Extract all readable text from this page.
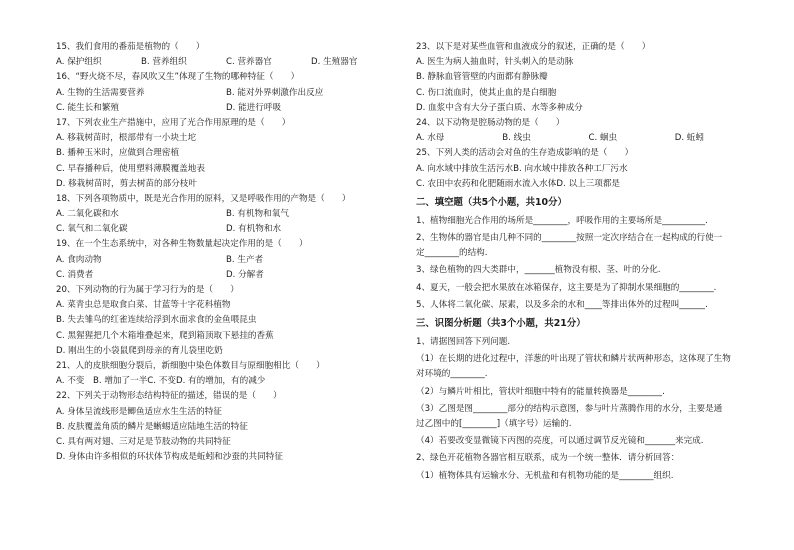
15、我们食用的番茄是植物的（　　）
A. 保护组织	B. 营养组织	C. 营养器官	D. 生殖器官
16、“野火烧不尽，春风吹又生”体现了生物的哪种特征（　　）
A. 生物的生活需要营养	B. 能对外界刺激作出反应
C. 能生长和繁殖	D. 能进行呼吸
17、下列农业生产措施中，应用了光合作用原理的是（　　）
A. 移栽树苗时，根部带有一小块土坨
B. 播种玉米时，应做到合理密植
C. 早春播种后，使用塑料薄膜覆盖地表
D. 移栽树苗时，剪去树苗的部分枝叶
18、下列各项物质中，既是光合作用的原料，又是呼吸作用的产物是（　　）
A. 二氧化碳和水	B. 有机物和氧气
C. 氧气和二氧化碳	D. 有机物和水
19、在一个生态系统中，对各种生物数量起决定作用的是（　　）
A. 食肉动物	B. 生产者
C. 消费者	D. 分解者
20、下列动物的行为属于学习行为的是（　　）
A. 菜青虫总是取食白菜、甘蓝等十字花科植物
B. 失去雏鸟的红雀连续给浮到水面求食的金鱼喂昆虫
C. 黑猩猩把几个木箱堆叠起来，爬到箱顶取下悬挂的香蕉
D. 刚出生的小袋鼠爬到母亲的育儿袋里吃奶
21、人的皮肤细胞分裂后，新细胞中染色体数目与原细胞相比（　　）
A. 不变　B. 增加了一半C. 不变D. 有的增加，有的减少
22、下列关于动物形态结构特征的描述，错误的是（　　）
A. 身体呈流线形是鲫鱼适应水生生活的特征
B. 皮肤覆盖角质的鳞片是蜥蜴适应陆地生活的特征
C. 具有两对翅、三对足是节肢动物的共同特征
D. 身体由许多相似的环状体节构成是蚯蚓和沙蚕的共同特征
23、以下是对某些血管和血液成分的叙述，正确的是（　　）
A. 医生为病人抽血时，针头刺入的是动脉
B. 静脉血管管壁的内面都有静脉瓣
C. 伤口流血时，使其止血的是白细胞
D. 血浆中含有大分子蛋白质、水等多种成分
24、以下动物是腔肠动物的是（　　）
A. 水母	B. 线虫	C. 蛔虫	D. 蚯蚓
25、下列人类的活动会对鱼的生存造成影响的是（　　）
A. 向水域中排放生活污水B. 向水域中排放各种工厂污水
C. 农田中农药和化肥随雨水流入水体D. 以上三项都是
二、填空题（共5个小题，共10分）
1、植物细胞光合作用的场所是________，呼吸作用的主要场所是__________.
2、生物体的器官是由几种不同的________按照一定次序结合在一起构成的行使一
定________的结构.
3、绿色植物的四大类群中，_______植物没有根、茎、叶的分化.
4、夏天，一般会把水果放在冰箱保存，这主要是为了抑制水果细胞的________.
5、人体将二氧化碳、尿素，以及多余的水和____等排出体外的过程叫______.
三、识图分析题（共3个小题，共21分）
1、请据图回答下列问题.
（1）在长期的进化过程中，洋葱的叶出现了管状和鳞片状两种形态，这体现了生物
对环境的________.
（2）与鳞片叶相比，管状叶细胞中特有的能量转换器是________.
（3）乙图是图________部分的结构示意图，参与叶片蒸腾作用的水分，主要是通
过乙图中的[________]（填字号）运输的.
（4）若要改变显微镜下丙图的亮度，可以通过调节反光镜和_______来完成.
2、绿色开花植物各器官相互联系，成为一个统一整体．请分析回答：
（1）植物体具有运输水分、无机盐和有机物功能的是________组织.
